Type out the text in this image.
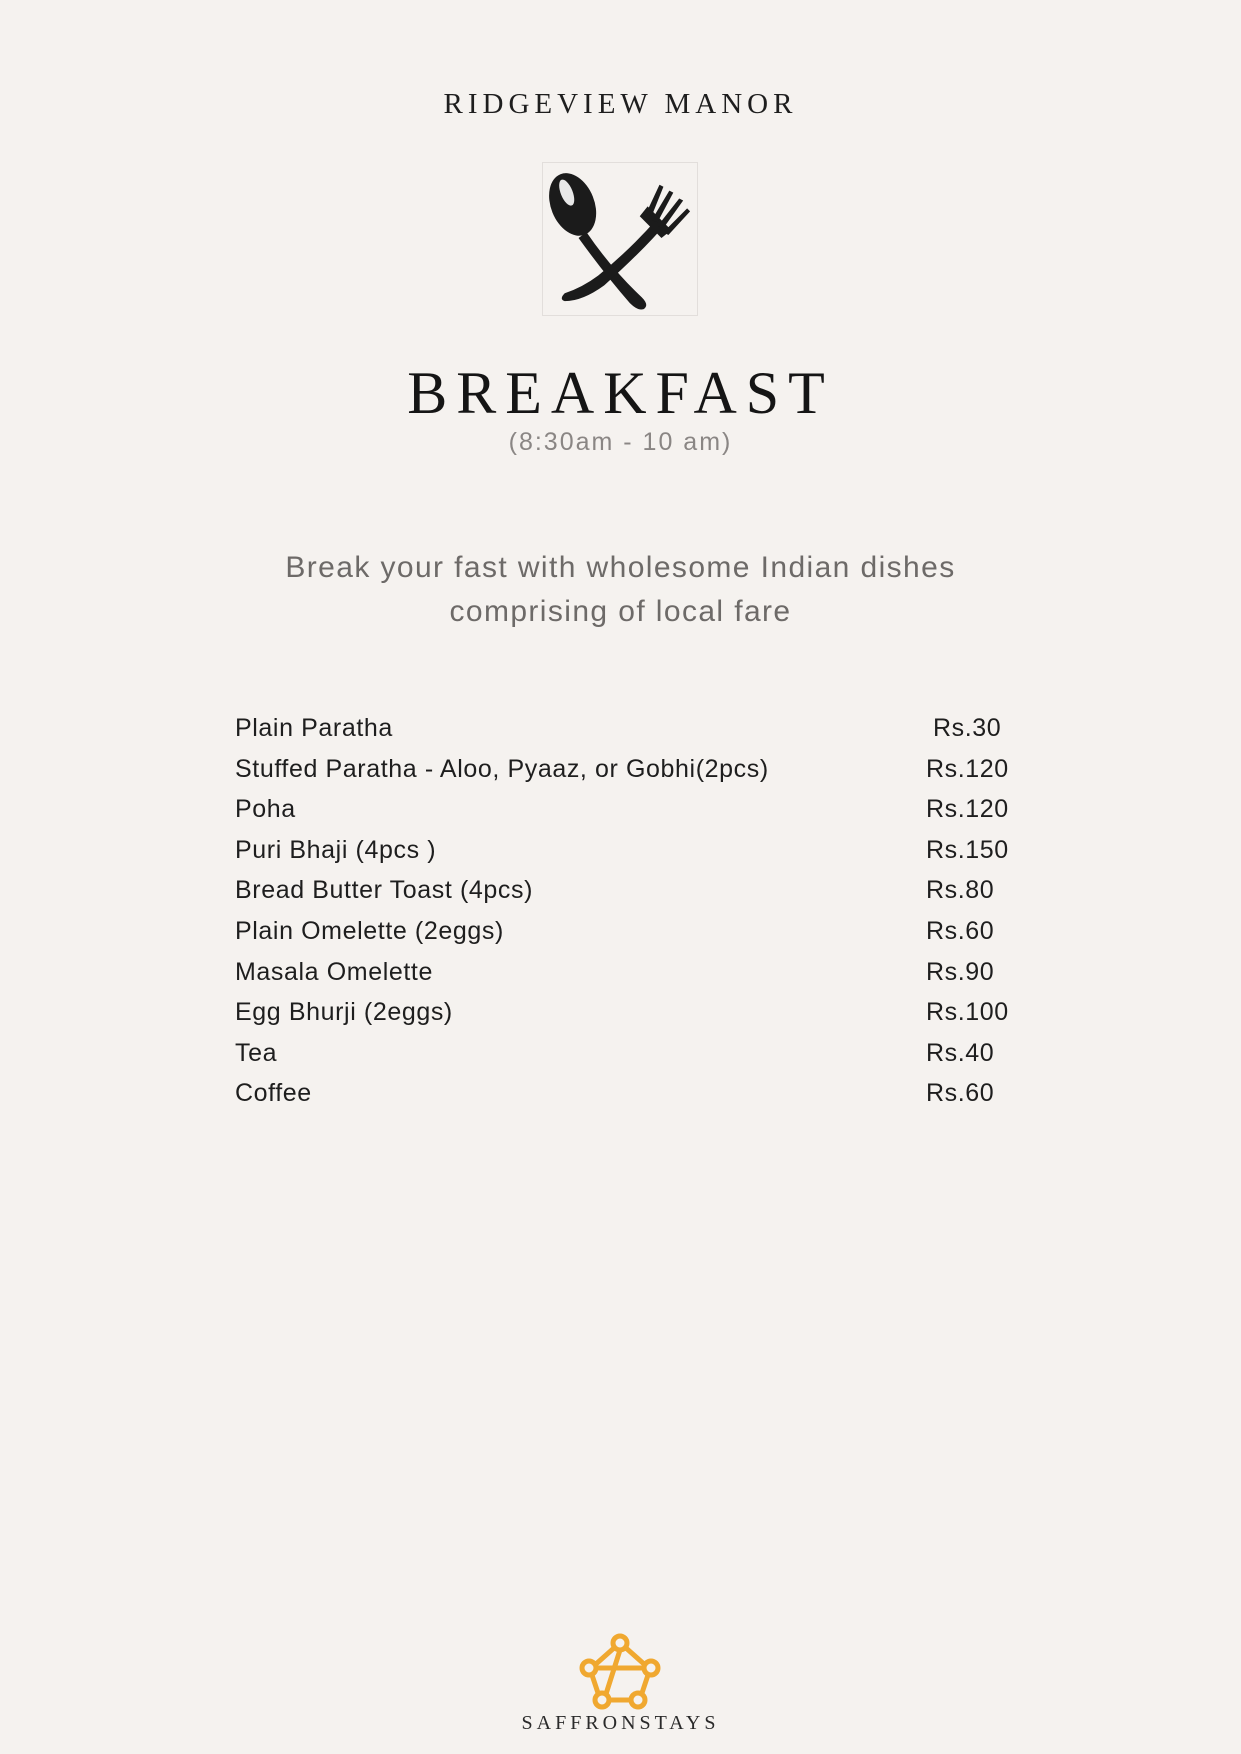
RIDGEVIEW MANOR
BREAKFAST
(8:30am - 10 am)
Break your fast with wholesome Indian dishes
comprising of local fare
Plain Paratha	Rs.30
Stuffed Paratha - Aloo, Pyaaz, or Gobhi(2pcs)	Rs.120
Poha	Rs.120
Puri Bhaji (4pcs )	Rs.150
Bread Butter Toast (4pcs)	Rs.80
Plain Omelette (2eggs)	Rs.60
Masala Omelette	Rs.90
Egg Bhurji (2eggs)	Rs.100
Tea	Rs.40
Coffee	Rs.60
SAFFRONSTAYS
